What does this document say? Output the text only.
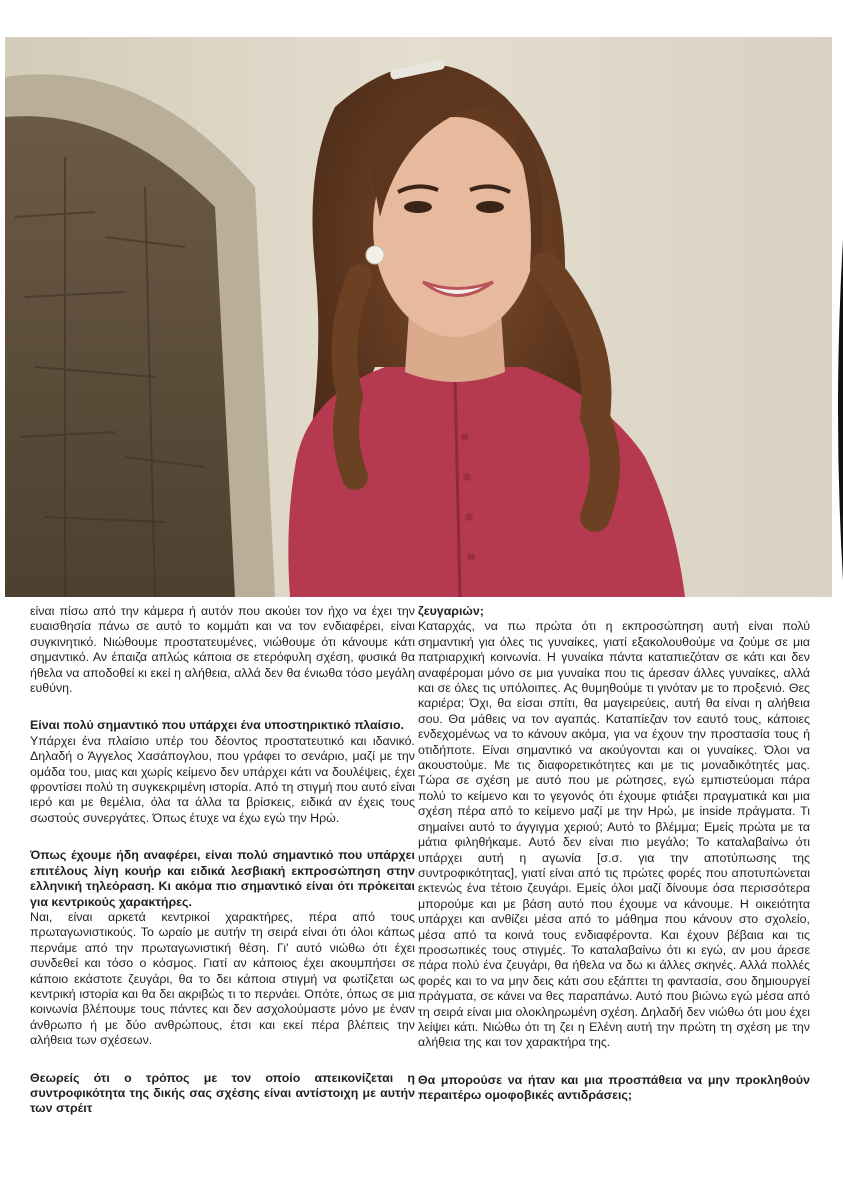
είναι πίσω από την κάμερα ή αυτόν που ακούει τον ήχο να έχει την ευαισθησία πάνω σε αυτό το κομμάτι και να τον ενδιαφέρει, είναι συγκινητικό. Νιώθουμε προστατευμένες, νιώθουμε ότι κάνουμε κάτι σημαντικό. Αν έπαιζα απλώς κάποια σε ετερόφυλη σχέση, φυσικά θα ήθελα να αποδοθεί κι εκεί η αλήθεια, αλλά δεν θα ένιωθα τόσο μεγάλη ευθύνη.

Είναι πολύ σημαντικό που υπάρχει ένα υποστηρικτικό πλαίσιο.

Υπάρχει ένα πλαίσιο υπέρ του δέοντος προστατευτικό και ιδανικό. Δηλαδή ο Άγγελος Χασάπογλου, που γράφει το σενάριο, μαζί με την ομάδα του, μιας και χωρίς κείμενο δεν υπάρχει κάτι να δουλέψεις, έχει φροντίσει πολύ τη συγκεκριμένη ιστορία. Από τη στιγμή που αυτό είναι ιερό και με θεμέλια, όλα τα άλλα τα βρίσκεις, ειδικά αν έχεις τους σωστούς συνεργάτες. Όπως έτυχε να έχω εγώ την Ηρώ.

Όπως έχουμε ήδη αναφέρει, είναι πολύ σημαντικό που υπάρχει επιτέλους λίγη κουήρ και ειδικά λεσβιακή εκπροσώπηση στην ελληνική τηλεόραση. Κι ακόμα πιο σημαντικό είναι ότι πρόκειται για κεντρικούς χαρακτήρες.

Ναι, είναι αρκετά κεντρικοί χαρακτήρες, πέρα από τους πρωταγωνιστικούς. Το ωραίο με αυτήν τη σειρά είναι ότι όλοι κάπως περνάμε από την πρωταγωνιστική θέση. Γι' αυτό νιώθω ότι έχει συνδεθεί και τόσο ο κόσμος. Γιατί αν κάποιος έχει ακουμπήσει σε κάποιο εκάστοτε ζευγάρι, θα το δει κάποια στιγμή να φωτίζεται ως κεντρική ιστορία και θα δει ακριβώς τι το περνάει. Οπότε, όπως σε μια κοινωνία βλέπουμε τους πάντες και δεν ασχολούμαστε μόνο με έναν άνθρωπο ή με δύο ανθρώπους, έτσι και εκεί πέρα βλέπεις την αλήθεια των σχέσεων.

Θεωρείς ότι ο τρόπος με τον οποίο απεικονίζεται η συντροφικότητα της δικής σας σχέσης είναι αντίστοιχη με αυτήν των στρέιτ

ζευγαριών;

Καταρχάς, να πω πρώτα ότι η εκπροσώπηση αυτή είναι πολύ σημαντική για όλες τις γυναίκες, γιατί εξακολουθούμε να ζούμε σε μια πατριαρχική κοινωνία. Η γυναίκα πάντα καταπιεζόταν σε κάτι και δεν αναφέρομαι μόνο σε μια γυναίκα που τις άρεσαν άλλες γυναίκες, αλλά και σε όλες τις υπόλοιπες. Ας θυμηθούμε τι γινόταν με το προξενιό. Θες καριέρα; Όχι, θα είσαι σπίτι, θα μαγειρεύεις, αυτή θα είναι η αλήθεια σου. Θα μάθεις να τον αγαπάς. Καταπίεζαν τον εαυτό τους, κάποιες ενδεχομένως να το κάνουν ακόμα, για να έχουν την προστασία τους ή οτιδήποτε. Είναι σημαντικό να ακούγονται και οι γυναίκες. Όλοι να ακουστούμε. Με τις διαφορετικότητες και με τις μοναδικότητές μας. Τώρα σε σχέση με αυτό που με ρώτησες, εγώ εμπιστεύομαι πάρα πολύ το κείμενο και το γεγονός ότι έχουμε φτιάξει πραγματικά και μια σχέση πέρα από το κείμενο μαζί με την Ηρώ, με inside πράγματα. Τι σημαίνει αυτό το άγγιγμα χεριού; Αυτό το βλέμμα; Εμείς πρώτα με τα μάτια φιληθήκαμε. Αυτό δεν είναι πιο μεγάλο; Το καταλαβαίνω ότι υπάρχει αυτή η αγωνία [σ.σ. για την αποτύπωσης της συντροφικότητας], γιατί είναι από τις πρώτες φορές που αποτυπώνεται εκτενώς ένα τέτοιο ζευγάρι. Εμείς όλοι μαζί δίνουμε όσα περισσότερα μπορούμε και με βάση αυτό που έχουμε να κάνουμε. Η οικειότητα υπάρχει και ανθίζει μέσα από το μάθημα που κάνουν στο σχολείο, μέσα από τα κοινά τους ενδιαφέροντα. Και έχουν βέβαια και τις προσωπικές τους στιγμές. Το καταλαβαίνω ότι κι εγώ, αν μου άρεσε πάρα πολύ ένα ζευγάρι, θα ήθελα να δω κι άλλες σκηνές. Αλλά πολλές φορές και το να μην δεις κάτι σου εξάπτει τη φαντασία, σου δημιουργεί πράγματα, σε κάνει να θες παραπάνω. Αυτό που βιώνω εγώ μέσα από τη σειρά είναι μια ολοκληρωμένη σχέση. Δηλαδή δεν νιώθω ότι μου έχει λείψει κάτι. Νιώθω ότι τη ζει η Ελένη αυτή την πρώτη τη σχέση με την αλήθεια της και τον χαρακτήρα της.

Θα μπορούσε να ήταν και μια προσπάθεια να μην προκληθούν περαιτέρω ομοφοβικές αντιδράσεις;
